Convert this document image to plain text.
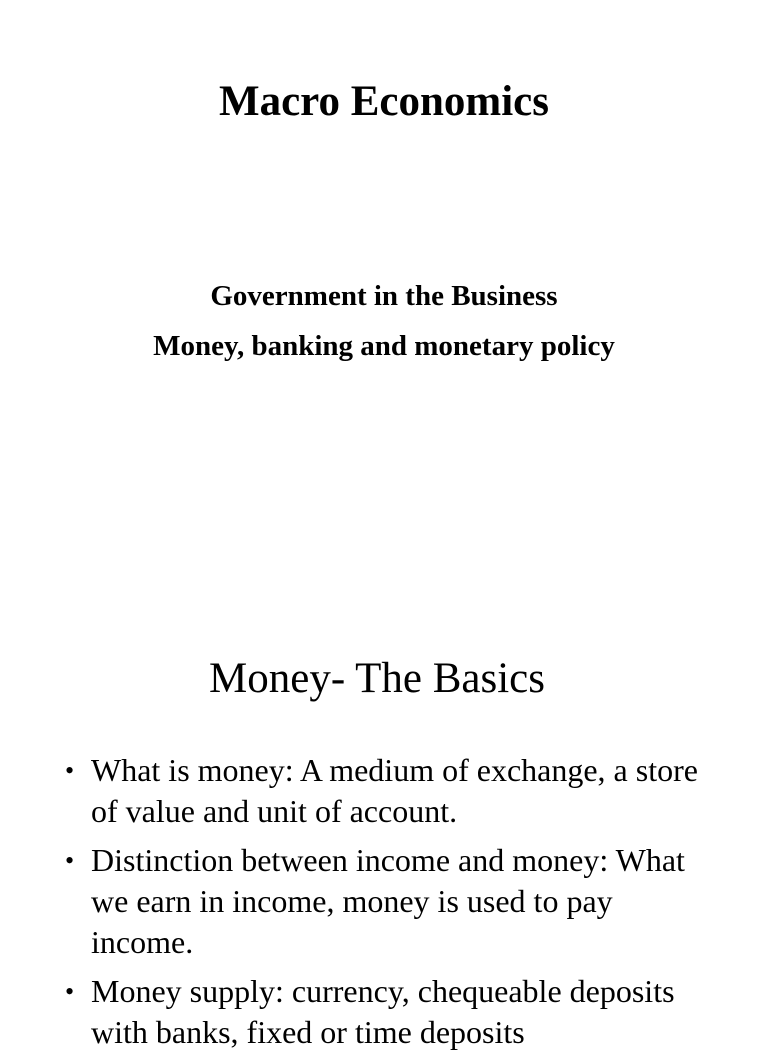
Macro Economics

Government in the Business

Money, banking and monetary policy

Money- The Basics
• What is money: A medium of exchange, a store of value and unit of account.
• Distinction between income and money: What we earn in income, money is used to pay income.
• Money supply: currency, chequeable deposits with banks, fixed or time deposits
